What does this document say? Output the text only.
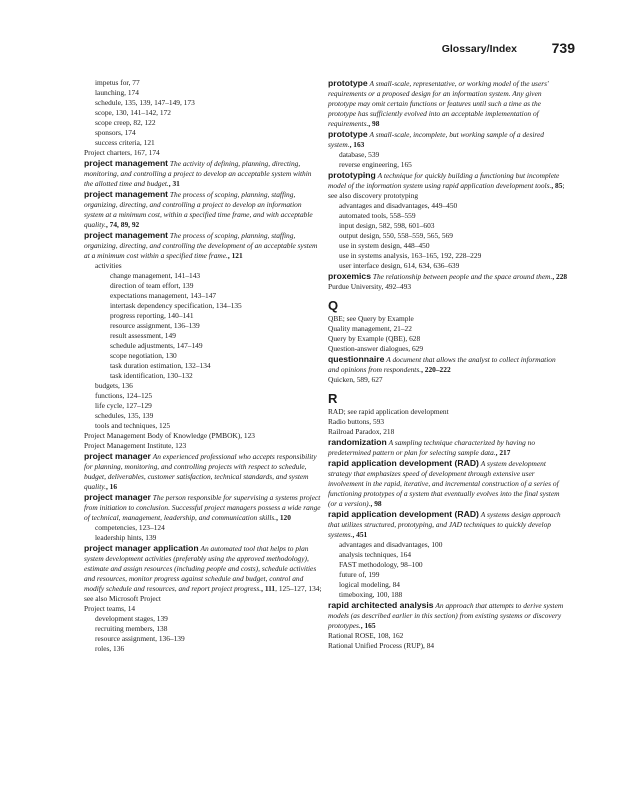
Glossary/Index 739
impetus for, 77
launching, 174
schedule, 135, 139, 147–149, 173
scope, 130, 141–142, 172
scope creep, 82, 122
sponsors, 174
success criteria, 121
Project charters, 167, 174
project management The activity of defining, planning, directing, monitoring, and controlling a project to develop an acceptable system within the allotted time and budget., 31
project management The process of scoping, planning, staffing, organizing, directing, and controlling a project to develop an information system at a minimum cost, within a specified time frame, and with acceptable quality., 74, 89, 92
project management The process of scoping, planning, staffing, organizing, directing, and controlling the development of an acceptable system at a minimum cost within a specified time frame., 121
activities
change management, 141–143
direction of team effort, 139
expectations management, 143–147
intertask dependency specification, 134–135
progress reporting, 140–141
resource assignment, 136–139
result assessment, 149
schedule adjustments, 147–149
scope negotiation, 130
task duration estimation, 132–134
task identification, 130–132
budgets, 136
functions, 124–125
life cycle, 127–129
schedules, 135, 139
tools and techniques, 125
Project Management Body of Knowledge (PMBOK), 123
Project Management Institute, 123
project manager An experienced professional who accepts responsibility for planning, monitoring, and controlling projects with respect to schedule, budget, deliverables, customer satisfaction, technical standards, and system quality., 16
project manager The person responsible for supervising a systems project from initiation to conclusion. Successful project managers possess a wide range of technical, management, leadership, and communication skills., 120
competencies, 123–124
leadership hints, 139
project manager application An automated tool that helps to plan system development activities (preferably using the approved methodology), estimate and assign resources (including people and costs), schedule activities and resources, monitor progress against schedule and budget, control and modify schedule and resources, and report project progress., 111, 125–127, 134; see also Microsoft Project
Project teams, 14
development stages, 139
recruiting members, 138
resource assignment, 136–139
roles, 136
prototype A small-scale, representative, or working model of the users' requirements or a proposed design for an information system. Any given prototype may omit certain functions or features until such a time as the prototype has sufficiently evolved into an acceptable implementation of requirements., 98
prototype A small-scale, incomplete, but working sample of a desired system., 163
database, 539
reverse engineering, 165
prototyping A technique for quickly building a functioning but incomplete model of the information system using rapid application development tools., 85; see also discovery prototyping
advantages and disadvantages, 449–450
automated tools, 558–559
input design, 582, 598, 601–603
output design, 550, 558–559, 565, 569
use in system design, 448–450
use in systems analysis, 163–165, 192, 228–229
user interface design, 614, 634, 636–639
proxemics The relationship between people and the space around them., 228
Purdue University, 492–493
Q
QBE; see Query by Example
Quality management, 21–22
Query by Example (QBE), 628
Question-answer dialogues, 629
questionnaire A document that allows the analyst to collect information and opinions from respondents., 220–222
Quicken, 589, 627
R
RAD; see rapid application development
Radio buttons, 593
Railroad Paradox, 218
randomization A sampling technique characterized by having no predetermined pattern or plan for selecting sample data., 217
rapid application development (RAD) A system development strategy that emphasizes speed of development through extensive user involvement in the rapid, iterative, and incremental construction of a series of functioning prototypes of a system that eventually evolves into the final system (or a version)., 98
rapid application development (RAD) A systems design approach that utilizes structured, prototyping, and JAD techniques to quickly develop systems., 451
advantages and disadvantages, 100
analysis techniques, 164
FAST methodology, 98–100
future of, 199
logical modeling, 84
timeboxing, 100, 188
rapid architected analysis An approach that attempts to derive system models (as described earlier in this section) from existing systems or discovery prototypes., 165
Rational ROSE, 108, 162
Rational Unified Process (RUP), 84
